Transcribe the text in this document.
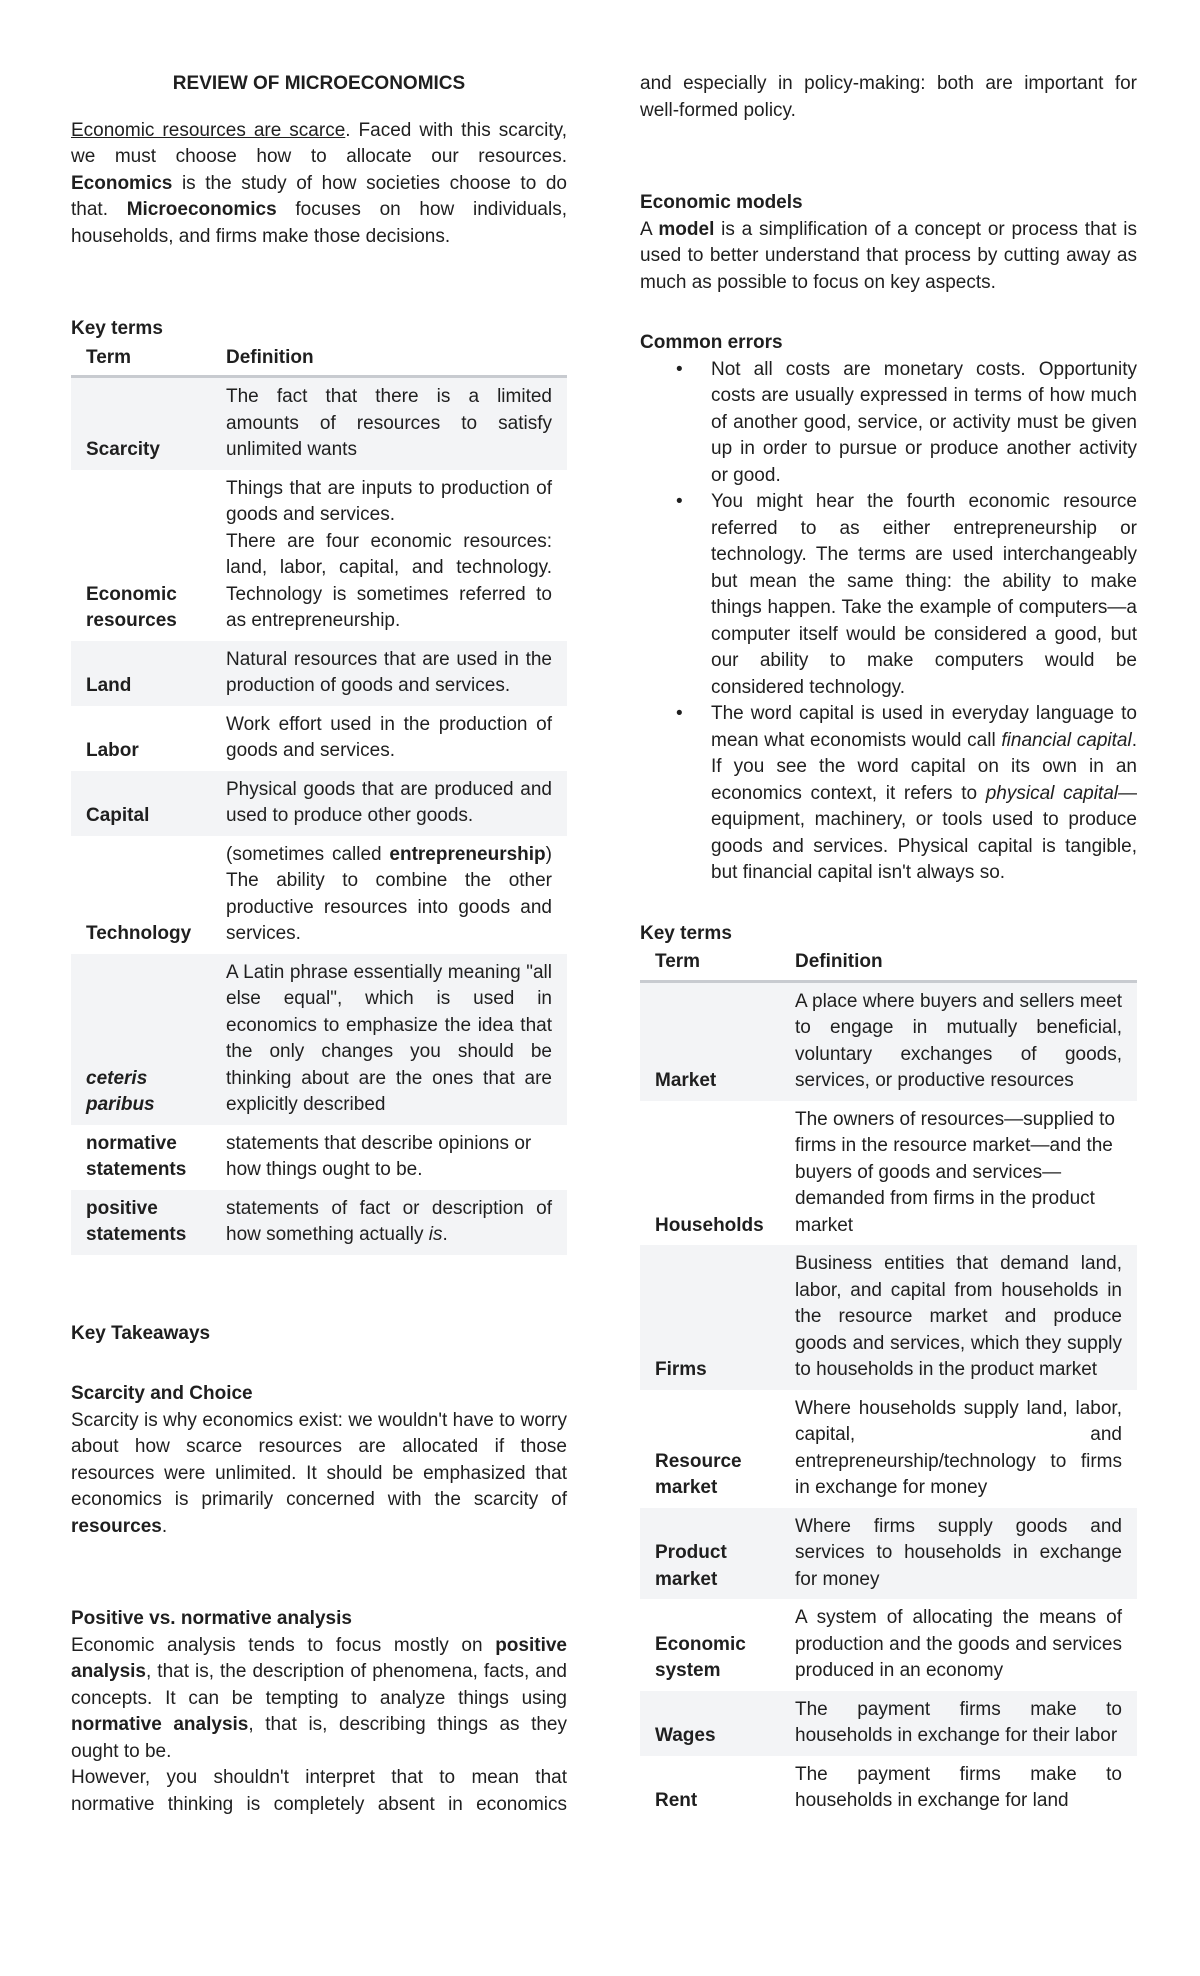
REVIEW OF MICROECONOMICS

Economic resources are scarce. Faced with this scarcity, we must choose how to allocate our resources. Economics is the study of how societies choose to do that. Microeconomics focuses on how individuals, households, and firms make those decisions.

Key terms

Term	Definition
Scarcity	The fact that there is a limited amounts of resources to satisfy unlimited wants
Economic resources	Things that are inputs to production of goods and services.
There are four economic resources: land, labor, capital, and technology. Technology is sometimes referred to as entrepreneurship.

Land	Natural resources that are used in the production of goods and services.
Labor	Work effort used in the production of goods and services.
Capital	Physical goods that are produced and used to produce other goods.
Technology	(sometimes called entrepreneurship) The ability to combine the other productive resources into goods and services.
ceteris paribus	A Latin phrase essentially meaning "all else equal", which is used in economics to emphasize the idea that the only changes you should be thinking about are the ones that are explicitly described
normative statements	statements that describe opinions or how things ought to be.
positive statements	statements of fact or description of how something actually is.

Key Takeaways

Scarcity and Choice

Scarcity is why economics exist: we wouldn't have to worry about how scarce resources are allocated if those resources were unlimited. It should be emphasized that economics is primarily concerned with the scarcity of resources.

Positive vs. normative analysis

Economic analysis tends to focus mostly on positive analysis, that is, the description of phenomena, facts, and concepts. It can be tempting to analyze things using normative analysis, that is, describing things as they ought to be.

However, you shouldn't interpret that to mean that normative thinking is completely absent in economics

and especially in policy-making: both are important for well-formed policy.

Economic models

A model is a simplification of a concept or process that is used to better understand that process by cutting away as much as possible to focus on key aspects.

Common errors

• Not all costs are monetary costs. Opportunity costs are usually expressed in terms of how much of another good, service, or activity must be given up in order to pursue or produce another activity or good.
• You might hear the fourth economic resource referred to as either entrepreneurship or technology. The terms are used interchangeably but mean the same thing: the ability to make things happen. Take the example of computers—a computer itself would be considered a good, but our ability to make computers would be considered technology.
• The word capital is used in everyday language to mean what economists would call financial capital. If you see the word capital on its own in an economics context, it refers to physical capital—equipment, machinery, or tools used to produce goods and services. Physical capital is tangible, but financial capital isn't always so.

Key terms

Term	Definition
Market	A place where buyers and sellers meet to engage in mutually beneficial, voluntary exchanges of goods, services, or productive resources
Households	The owners of resources—supplied to firms in the resource market—and the buyers of goods and services—demanded from firms in the product market
Firms	Business entities that demand land, labor, and capital from households in the resource market and produce goods and services, which they supply to households in the product market
Resource market	Where households supply land, labor, capital, and entrepreneurship/technology to firms in exchange for money
Product market	Where firms supply goods and services to households in exchange for money
Economic system	A system of allocating the means of production and the goods and services produced in an economy
Wages	The payment firms make to households in exchange for their labor
Rent	The payment firms make to households in exchange for land
